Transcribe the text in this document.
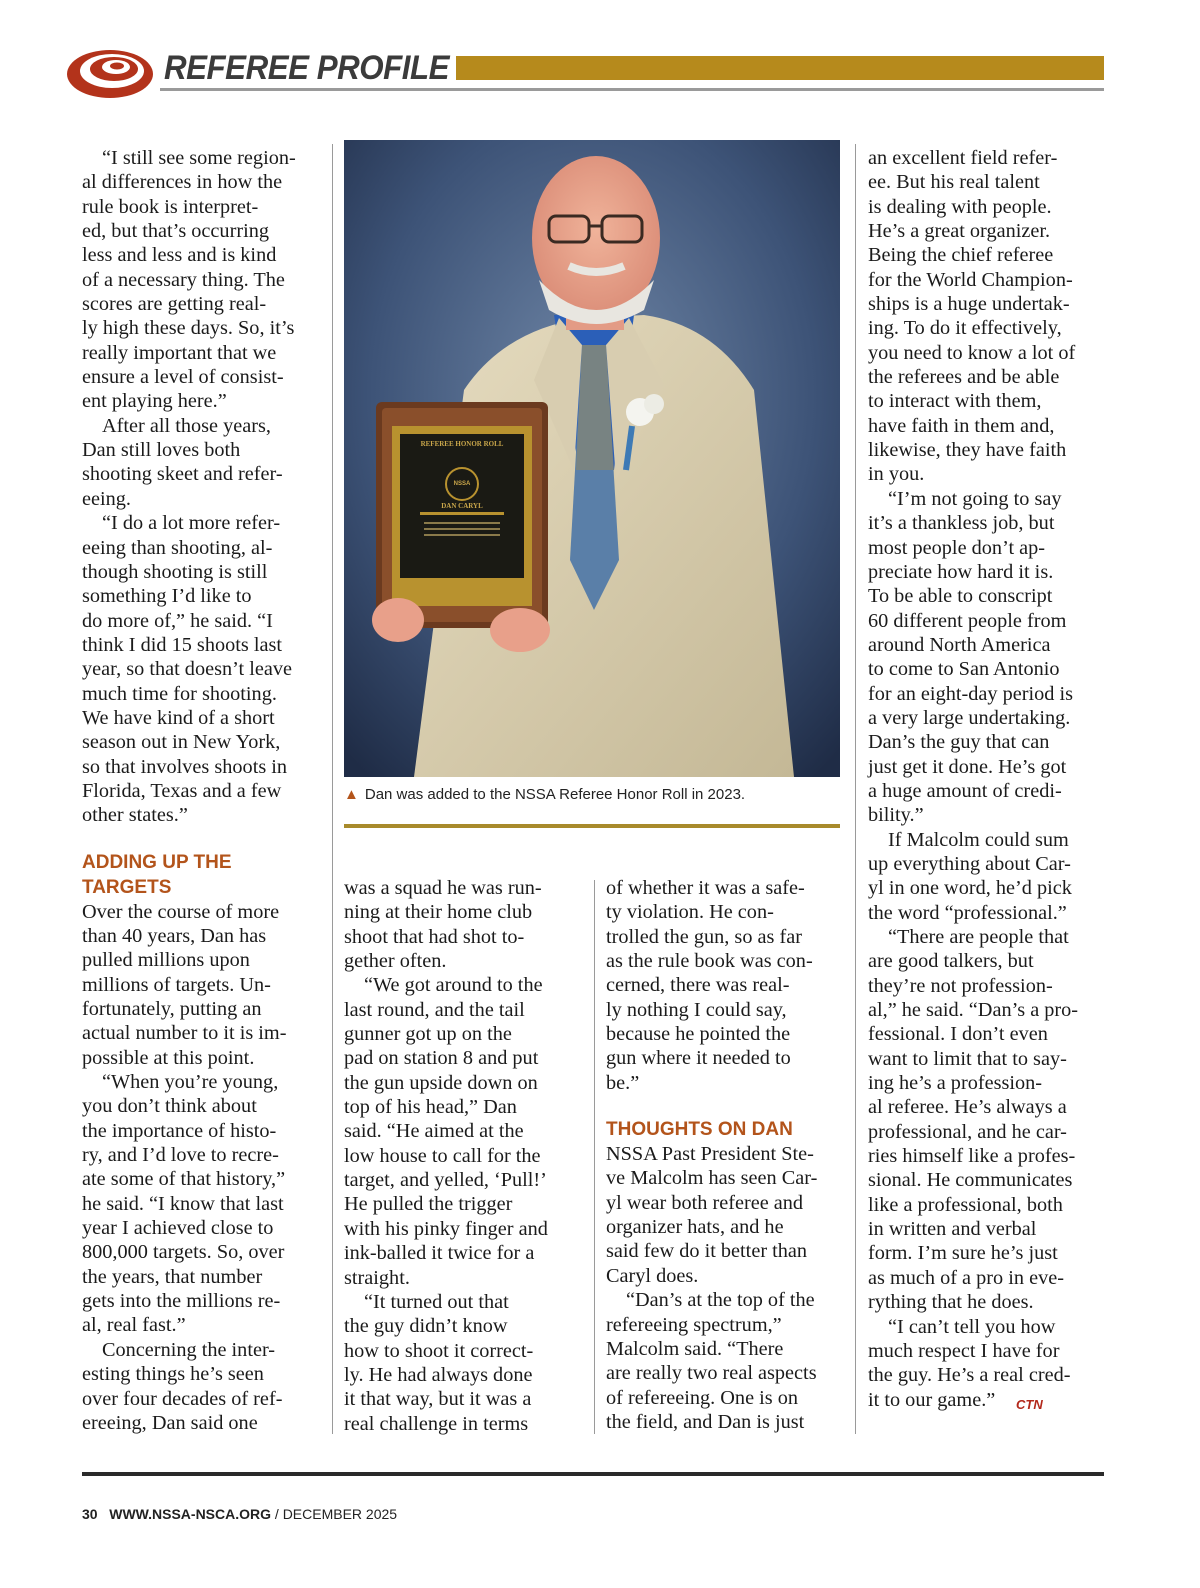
REFEREE PROFILE

“I still see some region-

al differences in how the

rule book is interpret-

ed, but that’s occurring

less and less and is kind

of a necessary thing. The

scores are getting real-

ly high these days. So, it’s

really important that we

ensure a level of consist-

ent playing here.”

After all those years,

Dan still loves both

shooting skeet and refer-

eeing.

“I do a lot more refer-

eeing than shooting, al-

though shooting is still

something I’d like to

do more of,” he said. “I

think I did 15 shoots last

year, so that doesn’t leave

much time for shooting.

We have kind of a short

season out in New York,

so that involves shoots in

Florida, Texas and a few

other states.”

ADDING UP THE

TARGETS

Over the course of more

than 40 years, Dan has

pulled millions upon

millions of targets. Un-

fortunately, putting an

actual number to it is im-

possible at this point.

“When you’re young,

you don’t think about

the importance of histo-

ry, and I’d love to recre-

ate some of that history,”

he said. “I know that last

year I achieved close to

800,000 targets. So, over

the years, that number

gets into the millions re-

al, real fast.”

Concerning the inter-

esting things he’s seen

over four decades of ref-

ereeing, Dan said one

REFEREE HONOR ROLL
NSSA
DAN CARYL
▲ Dan was added to the NSSA Referee Honor Roll in 2023.

was a squad he was run-

ning at their home club

shoot that had shot to-

gether often.

“We got around to the

last round, and the tail

gunner got up on the

pad on station 8 and put

the gun upside down on

top of his head,” Dan

said. “He aimed at the

low house to call for the

target, and yelled, ‘Pull!’

He pulled the trigger

with his pinky finger and

ink-balled it twice for a

straight.

“It turned out that

the guy didn’t know

how to shoot it correct-

ly. He had always done

it that way, but it was a

real challenge in terms

of whether it was a safe-

ty violation. He con-

trolled the gun, so as far

as the rule book was con-

cerned, there was real-

ly nothing I could say,

because he pointed the

gun where it needed to

be.”

THOUGHTS ON DAN

NSSA Past President Ste-

ve Malcolm has seen Car-

yl wear both referee and

organizer hats, and he

said few do it better than

Caryl does.

“Dan’s at the top of the

refereeing spectrum,”

Malcolm said. “There

are really two real aspects

of refereeing. One is on

the field, and Dan is just

an excellent field refer-

ee. But his real talent

is dealing with people.

He’s a great organizer.

Being the chief referee

for the World Champion-

ships is a huge undertak-

ing. To do it effectively,

you need to know a lot of

the referees and be able

to interact with them,

have faith in them and,

likewise, they have faith

in you.

“I’m not going to say

it’s a thankless job, but

most people don’t ap-

preciate how hard it is.

To be able to conscript

60 different people from

around North America

to come to San Antonio

for an eight-day period is

a very large undertaking.

Dan’s the guy that can

just get it done. He’s got

a huge amount of credi-

bility.”

If Malcolm could sum

up everything about Car-

yl in one word, he’d pick

the word “professional.”

“There are people that

are good talkers, but

they’re not profession-

al,” he said. “Dan’s a pro-

fessional. I don’t even

want to limit that to say-

ing he’s a profession-

al referee. He’s always a

professional, and he car-

ries himself like a profes-

sional. He communicates

like a professional, both

in written and verbal

form. I’m sure he’s just

as much of a pro in eve-

rything that he does.

“I can’t tell you how

much respect I have for

the guy. He’s a real cred-

it to our game.”	CTN
30 WWW.NSSA-NSCA.ORG / DECEMBER 2025
